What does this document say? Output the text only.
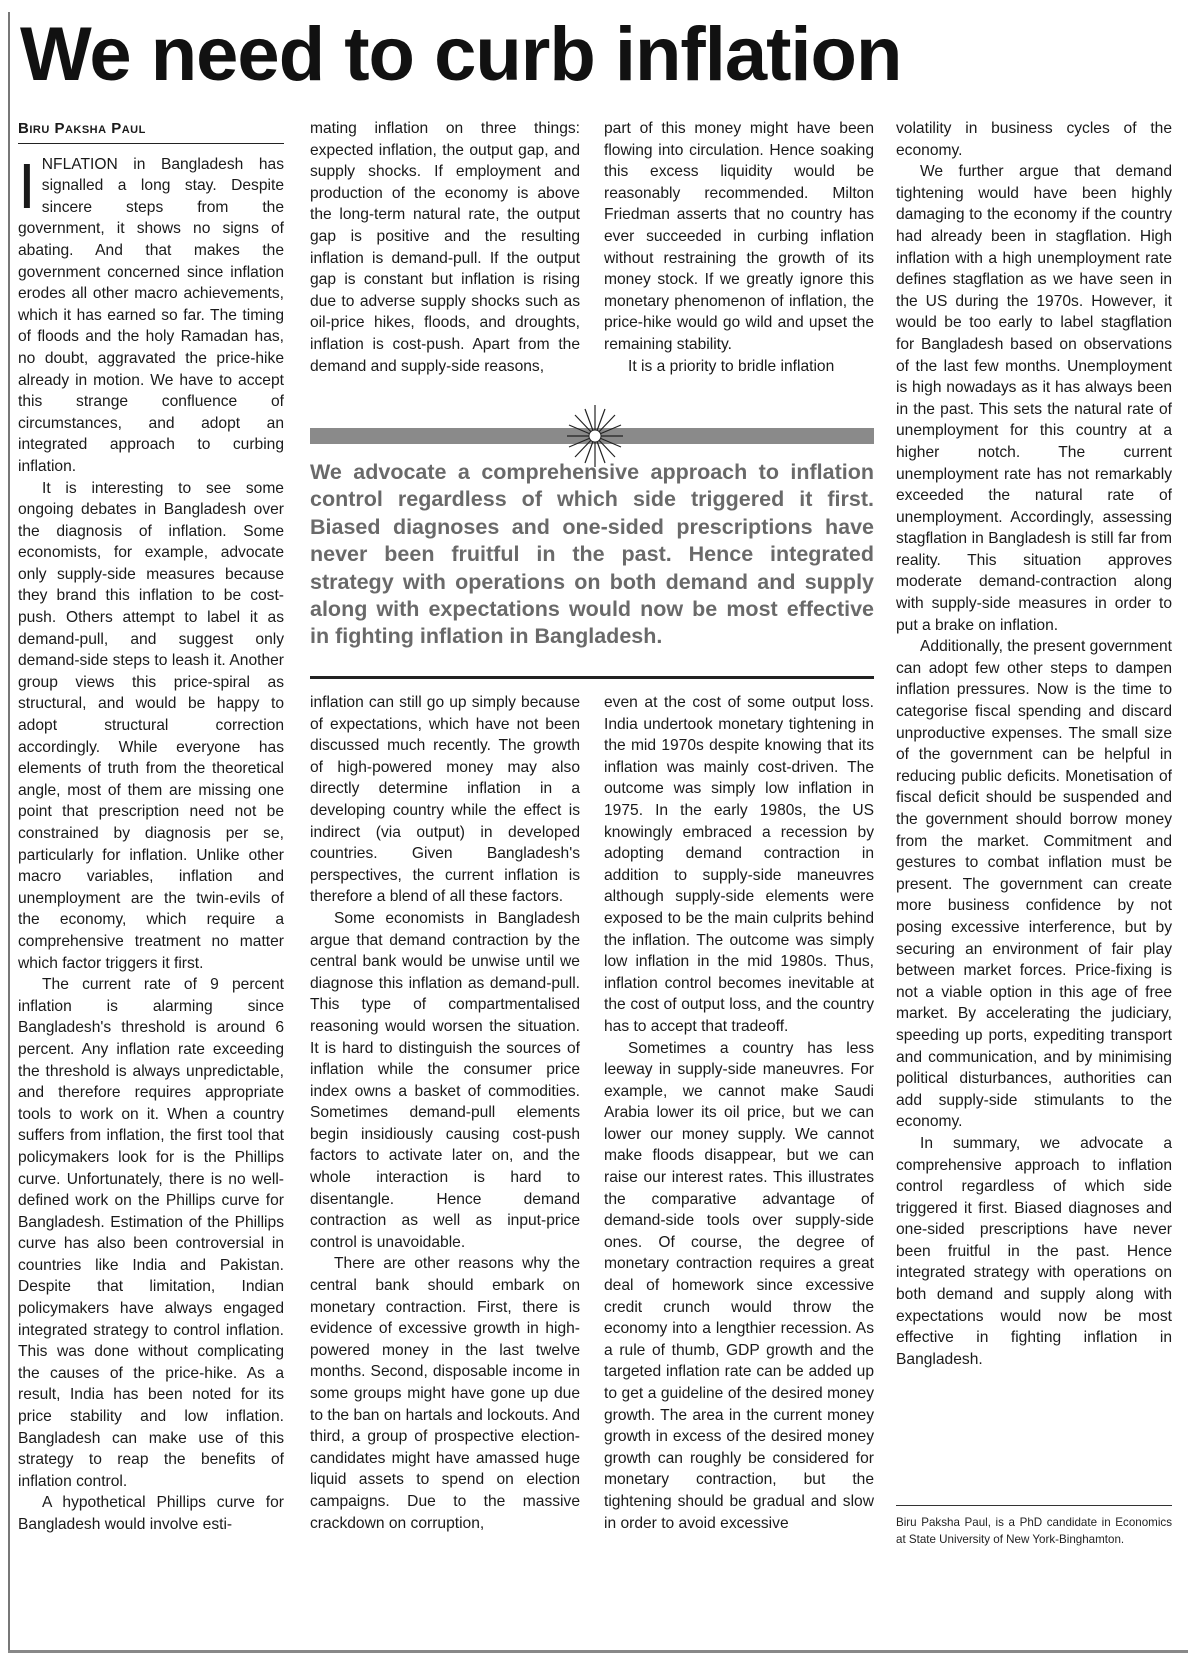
We need to curb inflation
Biru Paksha Paul

INFLATION in Bangladesh has signalled a long stay. Despite sincere steps from the government, it shows no signs of abating. And that makes the government concerned since inflation erodes all other macro achievements, which it has earned so far. The timing of floods and the holy Ramadan has, no doubt, aggravated the price-hike already in motion. We have to accept this strange confluence of circumstances, and adopt an integrated approach to curbing inflation.

It is interesting to see some ongoing debates in Bangladesh over the diagnosis of inflation. Some economists, for example, advocate only supply-side measures because they brand this inflation to be cost-push. Others attempt to label it as demand-pull, and suggest only demand-side steps to leash it. Another group views this price-spiral as structural, and would be happy to adopt structural correction accordingly. While everyone has elements of truth from the theoretical angle, most of them are missing one point that prescription need not be constrained by diagnosis per se, particularly for inflation. Unlike other macro variables, inflation and unemployment are the twin-evils of the economy, which require a comprehensive treatment no matter which factor triggers it first.

The current rate of 9 percent inflation is alarming since Bangladesh's threshold is around 6 percent. Any inflation rate exceeding the threshold is always unpredictable, and therefore requires appropriate tools to work on it. When a country suffers from inflation, the first tool that policymakers look for is the Phillips curve. Unfortunately, there is no well-defined work on the Phillips curve for Bangladesh. Estimation of the Phillips curve has also been controversial in countries like India and Pakistan. Despite that limitation, Indian policymakers have always engaged integrated strategy to control inflation. This was done without complicating the causes of the price-hike. As a result, India has been noted for its price stability and low inflation. Bangladesh can make use of this strategy to reap the benefits of inflation control.

A hypothetical Phillips curve for Bangladesh would involve esti-

mating inflation on three things: expected inflation, the output gap, and supply shocks. If employment and production of the economy is above the long-term natural rate, the output gap is positive and the resulting inflation is demand-pull. If the output gap is constant but inflation is rising due to adverse supply shocks such as oil-price hikes, floods, and droughts, inflation is cost-push. Apart from the demand and supply-side reasons,

part of this money might have been flowing into circulation. Hence soaking this excess liquidity would be reasonably recommended. Milton Friedman asserts that no country has ever succeeded in curbing inflation without restraining the growth of its money stock. If we greatly ignore this monetary phenomenon of inflation, the price-hike would go wild and upset the remaining stability.

It is a priority to bridle inflation

We advocate a comprehensive approach to inflation control regardless of which side triggered it first. Biased diagnoses and one-sided prescriptions have never been fruitful in the past. Hence integrated strategy with operations on both demand and supply along with expectations would now be most effective in fighting inflation in Bangladesh.

inflation can still go up simply because of expectations, which have not been discussed much recently. The growth of high-powered money may also directly determine inflation in a developing country while the effect is indirect (via output) in developed countries. Given Bangladesh's perspectives, the current inflation is therefore a blend of all these factors.

Some economists in Bangladesh argue that demand contraction by the central bank would be unwise until we diagnose this inflation as demand-pull. This type of compartmentalised reasoning would worsen the situation. It is hard to distinguish the sources of inflation while the consumer price index owns a basket of commodities. Sometimes demand-pull elements begin insidiously causing cost-push factors to activate later on, and the whole interaction is hard to disentangle. Hence demand contraction as well as input-price control is unavoidable.

There are other reasons why the central bank should embark on monetary contraction. First, there is evidence of excessive growth in high-powered money in the last twelve months. Second, disposable income in some groups might have gone up due to the ban on hartals and lockouts. And third, a group of prospective election-candidates might have amassed huge liquid assets to spend on election campaigns. Due to the massive crackdown on corruption,

even at the cost of some output loss. India undertook monetary tightening in the mid 1970s despite knowing that its inflation was mainly cost-driven. The outcome was simply low inflation in 1975. In the early 1980s, the US knowingly embraced a recession by adopting demand contraction in addition to supply-side maneuvres although supply-side elements were exposed to be the main culprits behind the inflation. The outcome was simply low inflation in the mid 1980s. Thus, inflation control becomes inevitable at the cost of output loss, and the country has to accept that tradeoff.

Sometimes a country has less leeway in supply-side maneuvres. For example, we cannot make Saudi Arabia lower its oil price, but we can lower our money supply. We cannot make floods disappear, but we can raise our interest rates. This illustrates the comparative advantage of demand-side tools over supply-side ones. Of course, the degree of monetary contraction requires a great deal of homework since excessive credit crunch would throw the economy into a lengthier recession. As a rule of thumb, GDP growth and the targeted inflation rate can be added up to get a guideline of the desired money growth. The area in the current money growth in excess of the desired money growth can roughly be considered for monetary contraction, but the tightening should be gradual and slow in order to avoid excessive

volatility in business cycles of the economy.

We further argue that demand tightening would have been highly damaging to the economy if the country had already been in stagflation. High inflation with a high unemployment rate defines stagflation as we have seen in the US during the 1970s. However, it would be too early to label stagflation for Bangladesh based on observations of the last few months. Unemployment is high nowadays as it has always been in the past. This sets the natural rate of unemployment for this country at a higher notch. The current unemployment rate has not remarkably exceeded the natural rate of unemployment. Accordingly, assessing stagflation in Bangladesh is still far from reality. This situation approves moderate demand-contraction along with supply-side measures in order to put a brake on inflation.

Additionally, the present government can adopt few other steps to dampen inflation pressures. Now is the time to categorise fiscal spending and discard unproductive expenses. The small size of the government can be helpful in reducing public deficits. Monetisation of fiscal deficit should be suspended and the government should borrow money from the market. Commitment and gestures to combat inflation must be present. The government can create more business confidence by not posing excessive interference, but by securing an environment of fair play between market forces. Price-fixing is not a viable option in this age of free market. By accelerating the judiciary, speeding up ports, expediting transport and communication, and by minimising political disturbances, authorities can add supply-side stimulants to the economy.

In summary, we advocate a comprehensive approach to inflation control regardless of which side triggered it first. Biased diagnoses and one-sided prescriptions have never been fruitful in the past. Hence integrated strategy with operations on both demand and supply along with expectations would now be most effective in fighting inflation in Bangladesh.

Biru Paksha Paul, is a PhD candidate in Economics at State University of New York-Binghamton.
